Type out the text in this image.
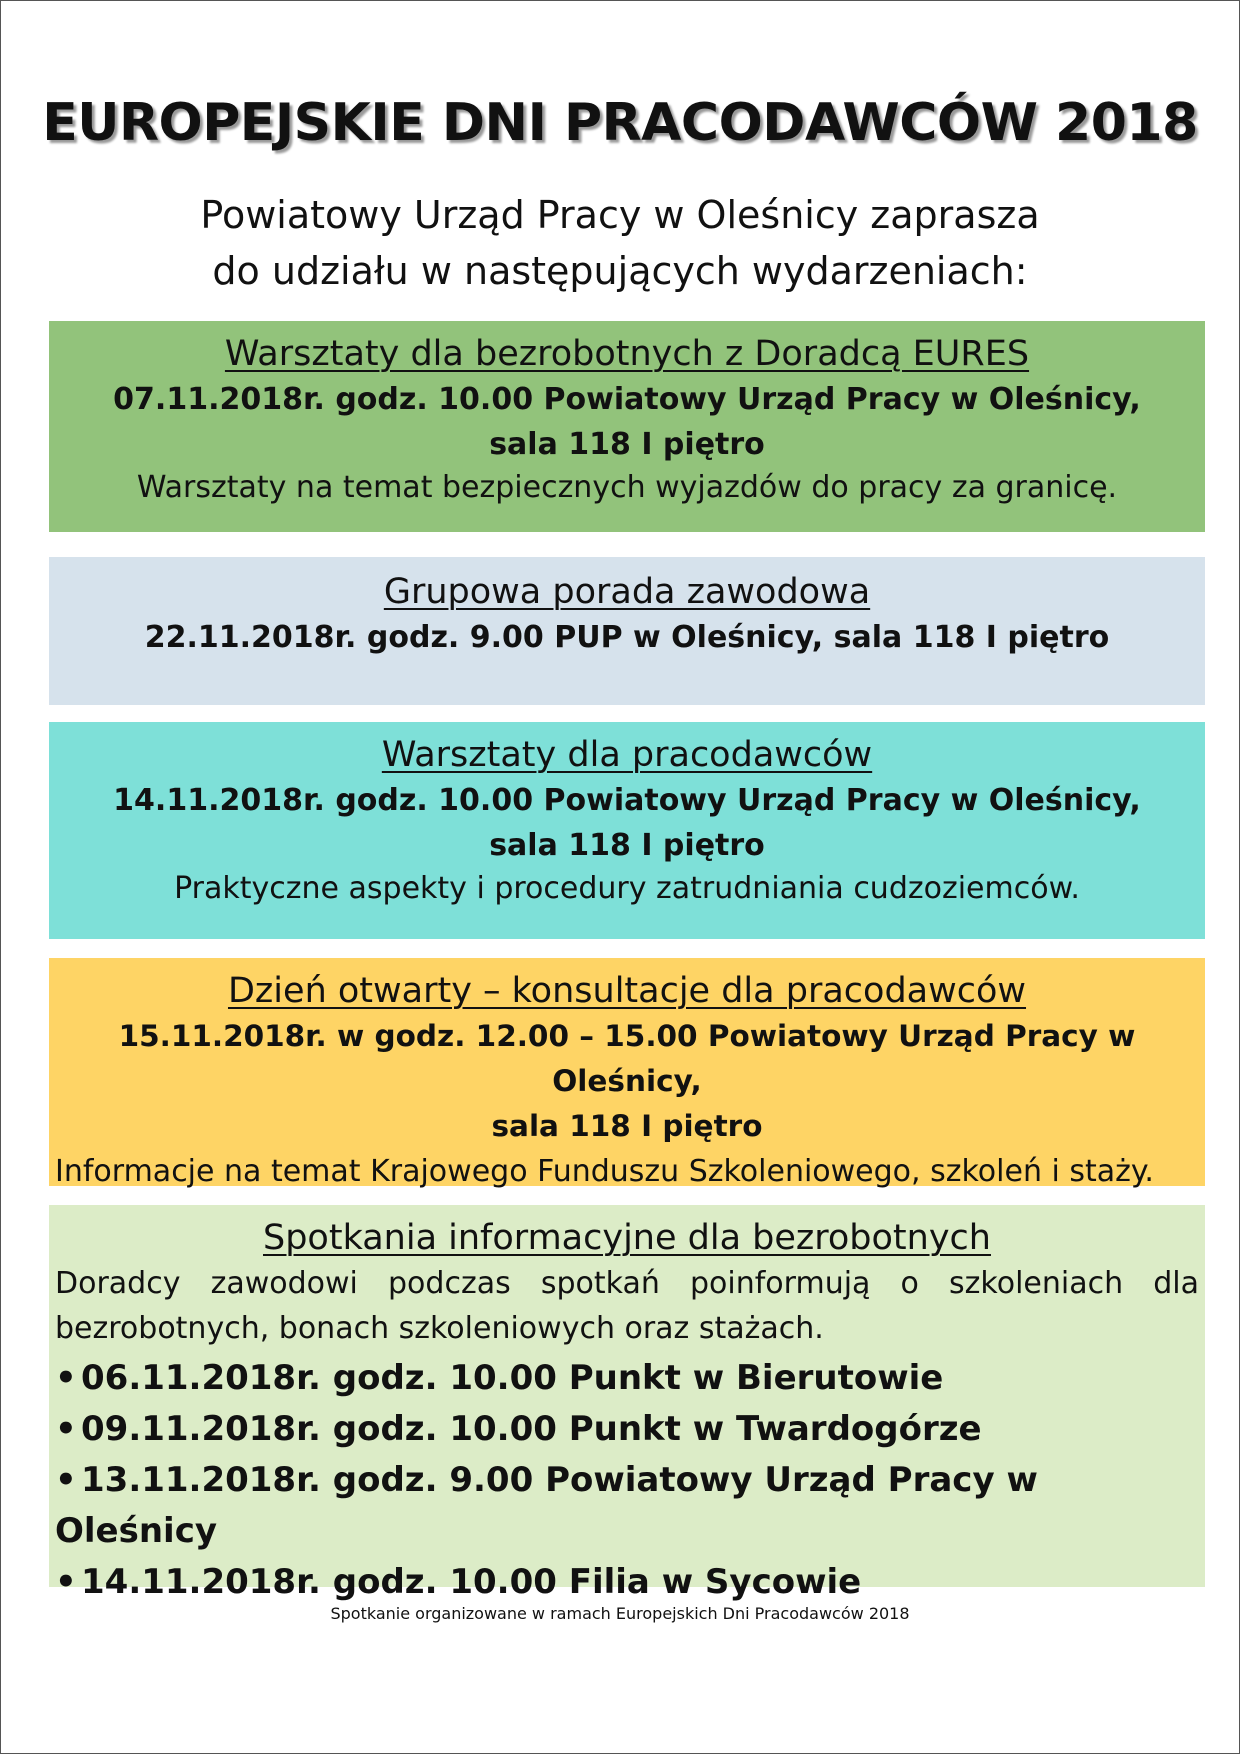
EUROPEJSKIE DNI PRACODAWCÓW 2018
Powiatowy Urząd Pracy w Oleśnicy zaprasza
do udziału w następujących wydarzeniach:
Warsztaty dla bezrobotnych z Doradcą EURES
07.11.2018r. godz. 10.00 Powiatowy Urząd Pracy w Oleśnicy,
sala 118 I piętro
Warsztaty na temat bezpiecznych wyjazdów do pracy za granicę.
Grupowa porada zawodowa
22.11.2018r. godz. 9.00 PUP w Oleśnicy, sala 118 I piętro
Warsztaty dla pracodawców
14.11.2018r. godz. 10.00 Powiatowy Urząd Pracy w Oleśnicy,
sala 118 I piętro
Praktyczne aspekty i procedury zatrudniania cudzoziemców.
Dzień otwarty – konsultacje dla pracodawców
15.11.2018r. w godz. 12.00 – 15.00 Powiatowy Urząd Pracy w Oleśnicy,
sala 118 I piętro
Informacje na temat Krajowego Funduszu Szkoleniowego, szkoleń i staży.
Spotkania informacyjne dla bezrobotnych
Doradcy zawodowi podczas spotkań poinformują o szkoleniach dla bezrobotnych, bonach szkoleniowych oraz stażach.
• 06.11.2018r. godz. 10.00 Punkt w Bierutowie
• 09.11.2018r. godz. 10.00 Punkt w Twardogórze
• 13.11.2018r. godz. 9.00 Powiatowy Urząd Pracy w Oleśnicy
• 14.11.2018r. godz. 10.00 Filia w Sycowie
Spotkanie organizowane w ramach Europejskich Dni Pracodawców 2018
